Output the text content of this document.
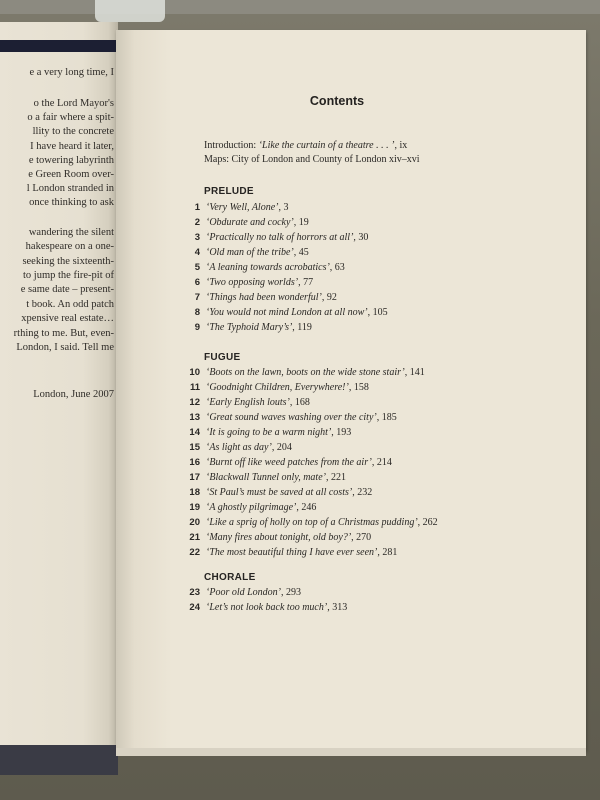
e a very long time, I
o the Lord Mayor's
o a fair where a spit-
llity to the concrete
I have heard it later,
e towering labyrinth
e Green Room over-
l London stranded in
once thinking to ask
wandering the silent
hakespeare on a one-
seeking the sixteenth-
to jump the fire-pit of
e same date – present-
t book. An odd patch
xpensive real estate…
rthing to me. But, even-
London, I said. Tell me
London, June 2007
Contents
Introduction: ‘Like the curtain of a theatre . . . ’, ix
Maps: City of London and County of London xiv–xvi
PRELUDE
1 ‘Very Well, Alone’, 3
2 ‘Obdurate and cocky’, 19
3 ‘Practically no talk of horrors at all’, 30
4 ‘Old man of the tribe’, 45
5 ‘A leaning towards acrobatics’, 63
6 ‘Two opposing worlds’, 77
7 ‘Things had been wonderful’, 92
8 ‘You would not mind London at all now’, 105
9 ‘The Typhoid Mary’s’, 119
FUGUE
10 ‘Boots on the lawn, boots on the wide stone stair’, 141
11 ‘Goodnight Children, Everywhere!’, 158
12 ‘Early English louts’, 168
13 ‘Great sound waves washing over the city’, 185
14 ‘It is going to be a warm night’, 193
15 ‘As light as day’, 204
16 ‘Burnt off like weed patches from the air’, 214
17 ‘Blackwall Tunnel only, mate’, 221
18 ‘St Paul’s must be saved at all costs’, 232
19 ‘A ghostly pilgrimage’, 246
20 ‘Like a sprig of holly on top of a Christmas pudding’, 262
21 ‘Many fires about tonight, old boy?’, 270
22 ‘The most beautiful thing I have ever seen’, 281
CHORALE
23 ‘Poor old London’, 293
24 ‘Let’s not look back too much’, 313
